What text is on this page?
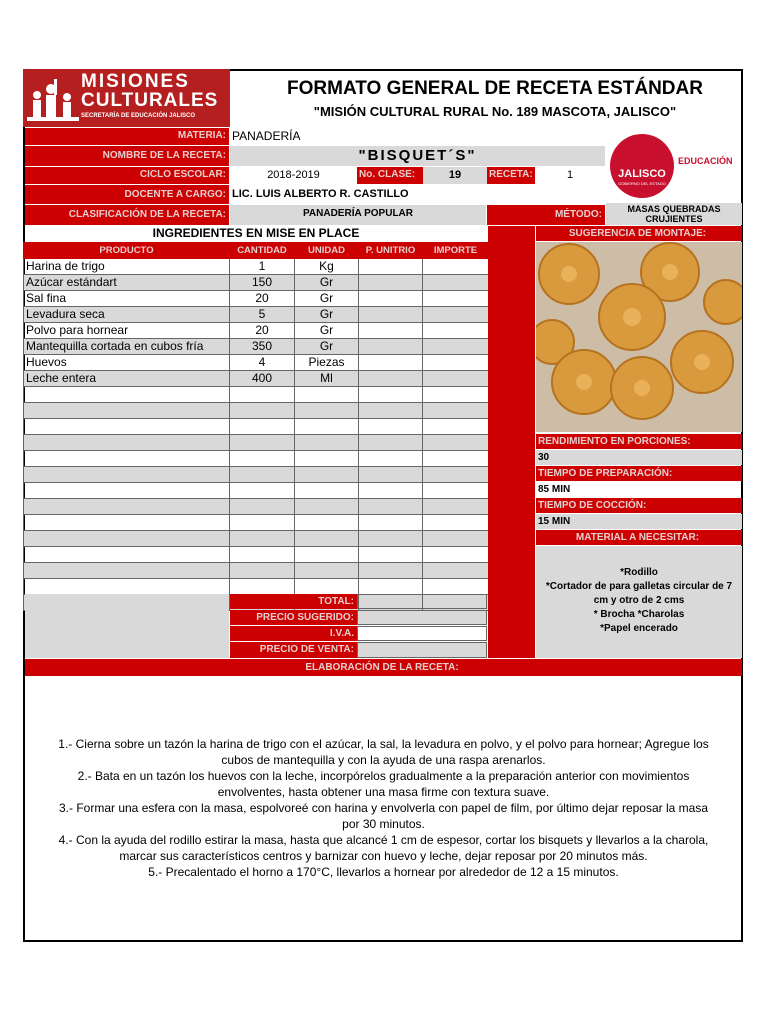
MISIONES
CULTURALES
SECRETARÍA DE EDUCACIÓN JALISCO
FORMATO GENERAL DE RECETA ESTÁNDAR
"MISIÓN CULTURAL RURAL No. 189 MASCOTA, JALISCO"
MATERIA: PANADERÍA
NOMBRE DE LA RECETA:	"BISQUET´S"
CICLO ESCOLAR:	2018-2019	No. CLASE:	19	RECETA:	1
DOCENTE A CARGO: LIC. LUIS ALBERTO R. CASTILLO
JALISCO
GOBIERNO DEL ESTADO
EDUCACIÓN
CLASIFICACIÓN DE LA RECETA:	PANADERÍA POPULAR	MÉTODO:	MASAS QUEBRADAS CRUJIENTES
INGREDIENTES EN MISE EN PLACE
PRODUCTO	CANTIDAD	UNIDAD	P. UNITRIO	IMPORTE
Harina de trigo	1	Kg		
Azúcar estándart	150	Gr		
Sal fina	20	Gr		
Levadura seca	5	Gr		
Polvo para hornear	20	Gr		
Mantequilla cortada en cubos fría	350	Gr		
Huevos	4	Piezas		
Leche entera	400	Ml		

TOTAL:
PRECIO SUGERIDO:
I.V.A.
PRECIO DE VENTA:
SUGERENCIA DE MONTAJE:
RENDIMIENTO EN PORCIONES:
30
TIEMPO DE PREPARACIÓN:
85 MIN
TIEMPO DE COCCIÓN:
15 MIN
MATERIAL A NECESITAR:
*Rodillo
*Cortador de para galletas circular de 7
cm y otro de 2 cms
* Brocha *Charolas
*Papel encerado
ELABORACIÓN DE LA RECETA:

1.- Cierna sobre un tazón la harina de trigo con el azúcar, la sal, la levadura en polvo, y el polvo para hornear; Agregue los

cubos de mantequilla y con la ayuda de una raspa arenarlos.

2.- Bata en un tazón los huevos con la leche, incorpórelos gradualmente a la preparación anterior con movimientos

envolventes, hasta obtener una masa firme con textura suave.

3.- Formar una esfera con la masa, espolvoreé con harina y envolverla con papel de film, por último dejar reposar la masa

por 30 minutos.

4.- Con la ayuda del rodillo estirar la masa, hasta que alcancé 1 cm de espesor, cortar los bisquets y llevarlos a la charola,

marcar sus característicos centros y barnizar con huevo y leche, dejar reposar por 20 minutos más.

5.- Precalentado el horno a 170°C, llevarlos a hornear por alrededor de 12 a 15 minutos.
